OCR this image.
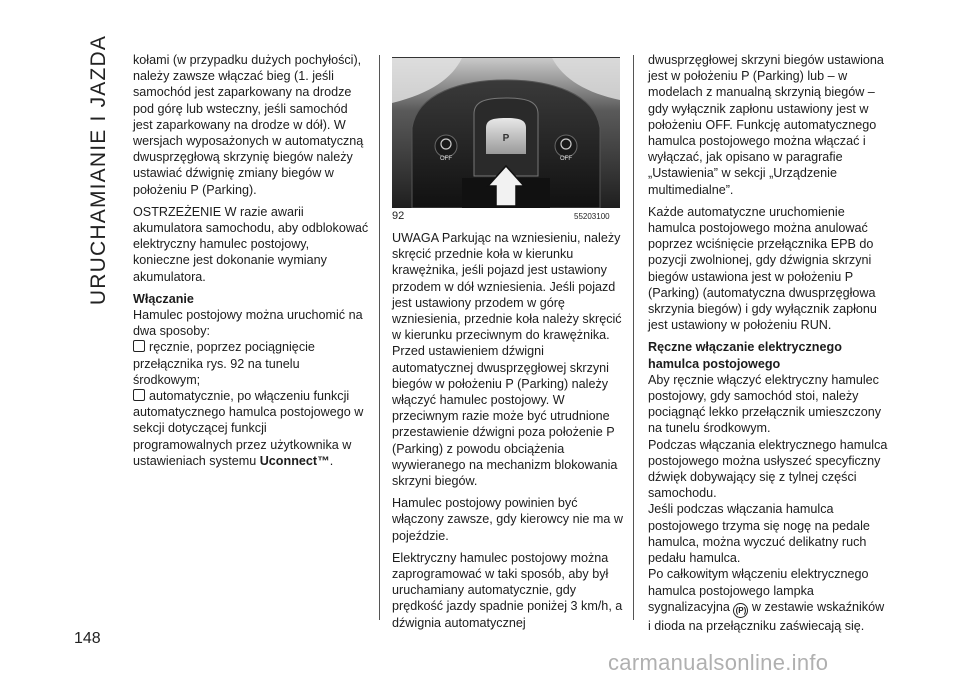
URUCHAMIANIE I JAZDA
148

kołami (w przypadku dużych pochyłości), należy zawsze włączać bieg (1. jeśli samochód jest zaparkowany na drodze pod górę lub wsteczny, jeśli samochód jest zaparkowany na drodze w dół). W wersjach wyposażonych w automatyczną dwusprzęgłową skrzynię biegów należy ustawiać dźwignię zmiany biegów w położeniu P (Parking).

OSTRZEŻENIE W razie awarii akumulatora samochodu, aby odblokować elektryczny hamulec postojowy, konieczne jest dokonanie wymiany akumulatora.

Włączanie

Hamulec postojowy można uruchomić na dwa sposoby:

ręcznie, poprzez pociągnięcie przełącznika rys. 92 na tunelu środkowym;
automatycznie, po włączeniu funkcji automatycznego hamulca postojowego w sekcji dotyczącej funkcji programowalnych przez użytkownika w ustawieniach systemu Uconnect™.
P
OFF	OFF
92	55203100

UWAGA Parkując na wzniesieniu, należy skręcić przednie koła w kierunku krawężnika, jeśli pojazd jest ustawiony przodem w dół wzniesienia. Jeśli pojazd jest ustawiony przodem w górę wzniesienia, przednie koła należy skręcić w kierunku przeciwnym do krawężnika. Przed ustawieniem dźwigni automatycznej dwusprzęgłowej skrzyni biegów w położeniu P (Parking) należy włączyć hamulec postojowy. W przeciwnym razie może być utrudnione przestawienie dźwigni poza położenie P (Parking) z powodu obciążenia wywieranego na mechanizm blokowania skrzyni biegów.

Hamulec postojowy powinien być włączony zawsze, gdy kierowcy nie ma w pojeździe.

Elektryczny hamulec postojowy można zaprogramować w taki sposób, aby był uruchamiany automatycznie, gdy prędkość jazdy spadnie poniżej 3 km/h, a dźwignia automatycznej

dwusprzęgłowej skrzyni biegów ustawiona jest w położeniu P (Parking) lub – w modelach z manualną skrzynią biegów – gdy wyłącznik zapłonu ustawiony jest w położeniu OFF. Funkcję automatycznego hamulca postojowego można włączać i wyłączać, jak opisano w paragrafie „Ustawienia” w sekcji „Urządzenie multimedialne”.

Każde automatyczne uruchomienie hamulca postojowego można anulować poprzez wciśnięcie przełącznika EPB do pozycji zwolnionej, gdy dźwignia skrzyni biegów ustawiona jest w położeniu P (Parking) (automatyczna dwusprzęgłowa skrzynia biegów) i gdy wyłącznik zapłonu jest ustawiony w położeniu RUN.

Ręczne włączanie elektrycznego hamulca postojowego

Aby ręcznie włączyć elektryczny hamulec postojowy, gdy samochód stoi, należy pociągnąć lekko przełącznik umieszczony na tunelu środkowym.

Podczas włączania elektrycznego hamulca postojowego można usłyszeć specyficzny dźwięk dobywający się z tylnej części samochodu.

Jeśli podczas włączania hamulca postojowego trzyma się nogę na pedale hamulca, można wyczuć delikatny ruch pedału hamulca.

Po całkowitym włączeniu elektrycznego hamulca postojowego lampka sygnalizacyjna (P) w zestawie wskaźników i dioda na przełączniku zaświecają się.

carmanualsonline.info
